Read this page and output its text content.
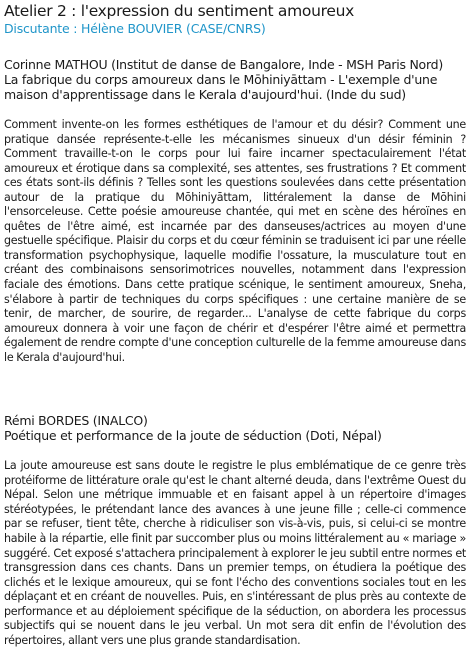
Atelier 2 : l'expression du sentiment amoureux

Discutante : Hélène BOUVIER (CASE/CNRS)

Corinne MATHOU (Institut de danse de Bangalore, Inde - MSH Paris Nord)

La fabrique du corps amoureux dans le Mōhiniyāttam - L'exemple d'une maison d'apprentissage dans le Kerala d'aujourd'hui. (Inde du sud)

Comment invente-on les formes esthétiques de l'amour et du désir? Comment une pratique dansée représente-t-elle les mécanismes sinueux d'un désir féminin ? Comment travaille-t-on le corps pour lui faire incarner spectaculairement l'état amoureux et érotique dans sa complexité, ses attentes, ses frustrations ? Et comment ces états sont-ils définis ? Telles sont les questions soulevées dans cette présentation autour de la pratique du Mōhiniyāttam, littéralement la danse de Mōhini l'ensorceleuse. Cette poésie amoureuse chantée, qui met en scène des héroïnes en quêtes de l'être aimé, est incarnée par des danseuses/actrices au moyen d'une gestuelle spécifique. Plaisir du corps et du cœur féminin se traduisent ici par une réelle transformation psychophysique, laquelle modifie l'ossature, la musculature tout en créant des combinaisons sensorimotrices nouvelles, notamment dans l'expression faciale des émotions. Dans cette pratique scénique, le sentiment amoureux, Sneha, s'élabore à partir de techniques du corps spécifiques : une certaine manière de se tenir, de marcher, de sourire, de regarder... L'analyse de cette fabrique du corps amoureux donnera à voir une façon de chérir et d'espérer l'être aimé et permettra également de rendre compte d'une conception culturelle de la femme amoureuse dans le Kerala d'aujourd'hui.

Rémi BORDES (INALCO)

Poétique et performance de la joute de séduction (Doti, Népal)

La joute amoureuse est sans doute le registre le plus emblématique de ce genre très protéiforme de littérature orale qu'est le chant alterné deuda, dans l'extrême Ouest du Népal. Selon une métrique immuable et en faisant appel à un répertoire d'images stéréotypées, le prétendant lance des avances à une jeune fille ; celle-ci commence par se refuser, tient tête, cherche à ridiculiser son vis-à-vis, puis, si celui-ci se montre habile à la répartie, elle finit par succomber plus ou moins littéralement au « mariage » suggéré. Cet exposé s'attachera principalement à explorer le jeu subtil entre normes et transgression dans ces chants. Dans un premier temps, on étudiera la poétique des clichés et le lexique amoureux, qui se font l'écho des conventions sociales tout en les déplaçant et en créant de nouvelles. Puis, en s'intéressant de plus près au contexte de performance et au déploiement spécifique de la séduction, on abordera les processus subjectifs qui se nouent dans le jeu verbal. Un mot sera dit enfin de l'évolution des répertoires, allant vers une plus grande standardisation.
